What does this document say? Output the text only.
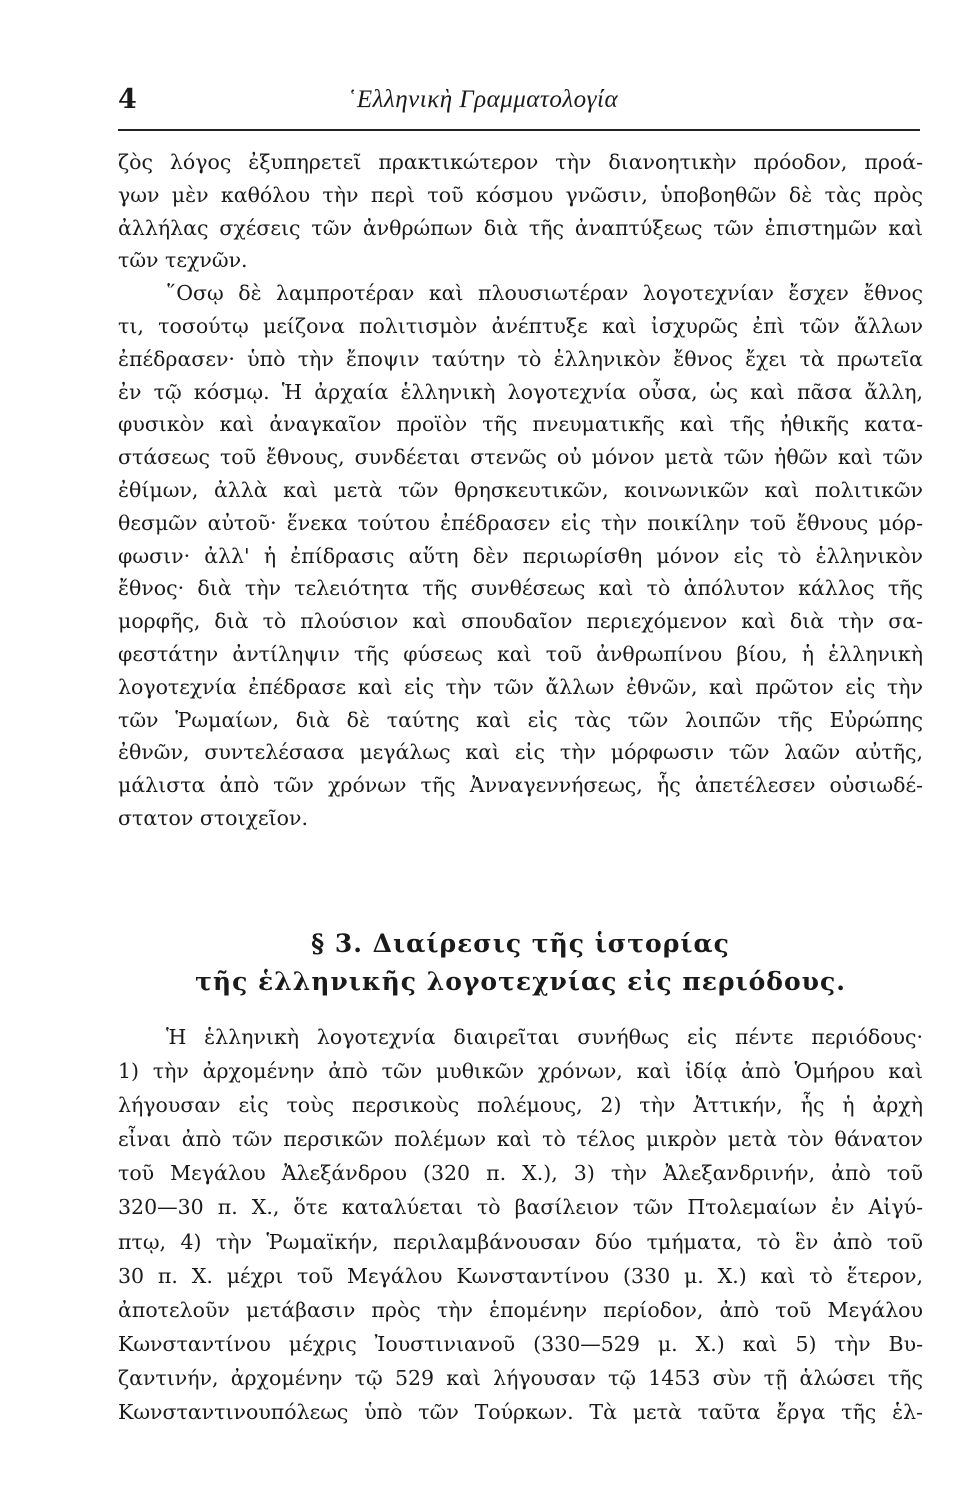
4	῾Ελληνικὴ Γραμματολογία
ζὸς λόγος ἐξυπηρετεῖ πρακτικώτερον τὴν διανοητικὴν πρόοδον, προά-
γων μὲν καθόλου τὴν περὶ τοῦ κόσμου γνῶσιν, ὑποβοηθῶν δὲ τὰς πρὸς
ἀλλήλας σχέσεις τῶν ἀνθρώπων διὰ τῆς ἀναπτύξεως τῶν ἐπιστημῶν καὶ
τῶν τεχνῶν.
῞Οσῳ δὲ λαμπροτέραν καὶ πλουσιωτέραν λογοτεχνίαν ἔσχεν ἔθνος
τι, τοσούτῳ μείζονα πολιτισμὸν ἀνέπτυξε καὶ ἰσχυρῶς ἐπὶ τῶν ἄλλων
ἐπέδρασεν· ὑπὸ τὴν ἔποψιν ταύτην τὸ ἑλληνικὸν ἔθνος ἔχει τὰ πρωτεῖα
ἐν τῷ κόσμῳ. Ἡ ἀρχαία ἑλληνικὴ λογοτεχνία οὖσα, ὡς καὶ πᾶσα ἄλλη,
φυσικὸν καὶ ἀναγκαῖον προϊὸν τῆς πνευματικῆς καὶ τῆς ἠθικῆς κατα-
στάσεως τοῦ ἔθνους, συνδέεται στενῶς οὐ μόνον μετὰ τῶν ἠθῶν καὶ τῶν
ἐθίμων, ἀλλὰ καὶ μετὰ τῶν θρησκευτικῶν, κοινωνικῶν καὶ πολιτικῶν
θεσμῶν αὐτοῦ· ἕνεκα τούτου ἐπέδρασεν εἰς τὴν ποικίλην τοῦ ἔθνους μόρ-
φωσιν· ἀλλ' ἡ ἐπίδρασις αὕτη δὲν περιωρίσθη μόνον εἰς τὸ ἑλληνικὸν
ἔθνος· διὰ τὴν τελειότητα τῆς συνθέσεως καὶ τὸ ἀπόλυτον κάλλος τῆς
μορφῆς, διὰ τὸ πλούσιον καὶ σπουδαῖον περιεχόμενον καὶ διὰ τὴν σα-
φεστάτην ἀντίληψιν τῆς φύσεως καὶ τοῦ ἀνθρωπίνου βίου, ἡ ἑλληνικὴ
λογοτεχνία ἐπέδρασε καὶ εἰς τὴν τῶν ἄλλων ἐθνῶν, καὶ πρῶτον εἰς τὴν
τῶν Ῥωμαίων, διὰ δὲ ταύτης καὶ εἰς τὰς τῶν λοιπῶν τῆς Εὐρώπης
ἐθνῶν, συντελέσασα μεγάλως καὶ εἰς τὴν μόρφωσιν τῶν λαῶν αὐτῆς,
μάλιστα ἀπὸ τῶν χρόνων τῆς Ἀνναγεννήσεως, ἧς ἀπετέλεσεν οὐσιωδέ-
στατον στοιχεῖον.
§ 3. Διαίρεσις τῆς ἱστορίας
τῆς ἑλληνικῆς λογοτεχνίας εἰς περιόδους.
Ἡ ἑλληνικὴ λογοτεχνία διαιρεῖται συνήθως εἰς πέντε περιόδους·
1) τὴν ἀρχομένην ἀπὸ τῶν μυθικῶν χρόνων, καὶ ἰδίᾳ ἀπὸ Ὁμήρου καὶ
λήγουσαν εἰς τοὺς περσικοὺς πολέμους, 2) τὴν Ἀττικήν, ἧς ἡ ἀρχὴ
εἶναι ἀπὸ τῶν περσικῶν πολέμων καὶ τὸ τέλος μικρὸν μετὰ τὸν θάνατον
τοῦ Μεγάλου Ἀλεξάνδρου (320 π. Χ.), 3) τὴν Ἀλεξανδρινήν, ἀπὸ τοῦ
320—30 π. Χ., ὅτε καταλύεται τὸ βασίλειον τῶν Πτολεμαίων ἐν Αἰγύ-
πτῳ, 4) τὴν Ῥωμαϊκήν, περιλαμβάνουσαν δύο τμήματα, τὸ ἓν ἀπὸ τοῦ
30 π. Χ. μέχρι τοῦ Μεγάλου Κωνσταντίνου (330 μ. Χ.) καὶ τὸ ἕτερον,
ἀποτελοῦν μετάβασιν πρὸς τὴν ἑπομένην περίοδον, ἀπὸ τοῦ Μεγάλου
Κωνσταντίνου μέχρις Ἰουστινιανοῦ (330—529 μ. Χ.) καὶ 5) τὴν Βυ-
ζαντινήν, ἀρχομένην τῷ 529 καὶ λήγουσαν τῷ 1453 σὺν τῇ ἁλώσει τῆς
Κωνσταντινουπόλεως ὑπὸ τῶν Τούρκων. Τὰ μετὰ ταῦτα ἔργα τῆς ἑλ-
